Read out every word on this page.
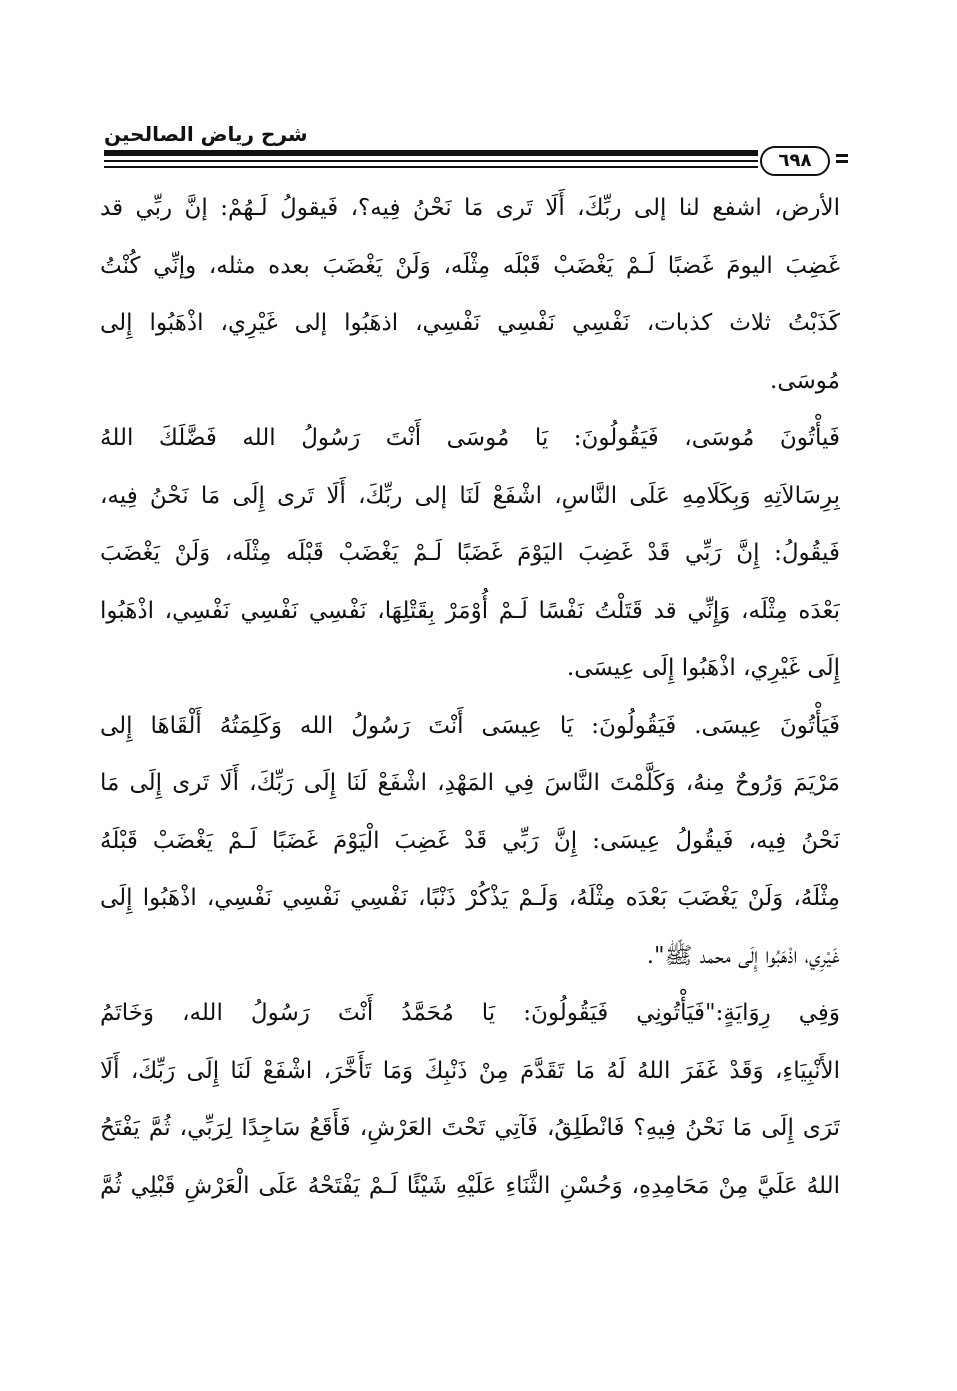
شرح رياض الصالحين
٦٩٨
الأرض، اشفع لنا إلى ربِّكَ، أَلَا تَرى مَا نَحْنُ فِيه؟، فَيقولُ لَـهُمْ: إنَّ ربِّي قد
غَضِبَ اليومَ غَضبًا لَـمْ يَغْضَبْ قَبْلَه مِثْلَه، وَلَنْ يَغْضَبَ بعده مثله، وإنِّي كُنْتُ
كَذَبْتُ ثلاث كذبات، نَفْسِي نَفْسِي نَفْسِي، اذهَبُوا إلى غَيْرِي، اذْهَبُوا إِلى
مُوسَى.
فَيأْتُونَ مُوسَى، فَيَقُولُونَ: يَا مُوسَى أَنْتَ رَسُولُ الله فَضَّلَكَ اللهُ
بِرِسَالاَتِهِ وَبِكَلَامِهِ عَلَى النَّاسِ، اشْفَعْ لَنَا إلى ربِّكَ، أَلَا تَرى إِلَى مَا نَحْنُ فِيه،
فَيقُولُ: إِنَّ رَبِّي قَدْ غَضِبَ اليَوْمَ غَضَبًا لَـمْ يَغْضَبْ قَبْلَه مِثْلَه، وَلَنْ يَغْضَبَ
بَعْدَه مِثْلَه، وَإِنِّي قد قَتَلْتُ نَفْسًا لَـمْ أُوْمَرْ بِقَتْلِهَا، نَفْسِي نَفْسِي نَفْسِي، اذْهَبُوا
إِلَى غَيْرِي، اذْهَبُوا إِلَى عِيسَى.
فَيَأْتُونَ عِيسَى. فَيَقُولُونَ: يَا عِيسَى أَنْتَ رَسُولُ الله وَكَلِمَتُهُ أَلْقَاهَا إِلى
مَرْيَمَ وَرُوحٌ مِنهُ، وَكَلَّمْتَ النَّاسَ فِي المَهْدِ، اشْفَعْ لَنَا إِلَى رَبِّكَ، أَلَا تَرى إِلَى مَا
نَحْنُ فِيه، فَيقُولُ عِيسَى: إِنَّ رَبِّي قَدْ غَضِبَ الْيَوْمَ غَضَبًا لَـمْ يَغْضَبْ قَبْلَهُ
مِثْلَهُ، وَلَنْ يَغْضَبَ بَعْدَه مِثْلَهُ، وَلَـمْ يَذْكُرْ ذَنْبًا، نَفْسِي نَفْسِي نَفْسِي، اذْهَبُوا إِلَى
غَيْرِي، اذْهَبُوا إِلَى محمد ﷺ".
وَفِي رِوَايَةٍ:"فَيَأْتُونِي فَيَقُولُونَ: يَا مُحَمَّدُ أَنْتَ رَسُولُ الله، وَخَاتَمُ
الأَنْبِيَاءِ، وَقَدْ غَفَرَ اللهُ لَهُ مَا تَقَدَّمَ مِنْ ذَنْبِكَ وَمَا تَأَخَّرَ، اشْفَعْ لَنَا إِلَى رَبِّكَ، أَلَا
تَرَى إِلَى مَا نَحْنُ فِيهِ؟ فَانْطَلِقُ، فَآتِي تَحْتَ العَرْشِ، فَأَقَعُ سَاجِدًا لِرَبِّي، ثُمَّ يَفْتَحُ
اللهُ عَلَيَّ مِنْ مَحَامِدِهِ، وَحُسْنِ الثَّنَاءِ عَلَيْهِ شَيْئًا لَـمْ يَفْتَحْهُ عَلَى الْعَرْشِ قَبْلِي ثُمَّ
